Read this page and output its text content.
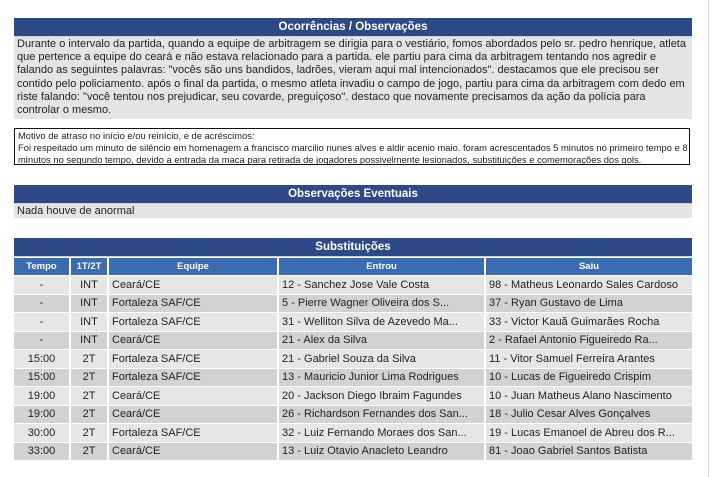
Ocorrências / Observações
Durante o intervalo da partida, quando a equipe de arbitragem se dirigia para o vestiário, fomos abordados pelo sr. pedro henrique, atleta que pertence a equipe do ceará e não estava relacionado para a partida. ele partiu para cima da arbitragem tentando nos agredir e falando as seguintes palavras: "vocês são uns bandidos, ladrões, vieram aqui mal intencionados". destacamos que ele precisou ser contido pelo policiamento. após o final da partida, o mesmo atleta invadiu o campo de jogo, partiu para cima da arbitragem com dedo em riste falando: "você tentou nos prejudicar, seu covarde, preguiçoso". destaco que novamente precisamos da ação da polícia para controlar o mesmo.
Motivo de atraso no início e/ou reinício, e de acréscimos:
Foi respeitado um minuto de silêncio em homenagem a francisco marcilio nunes alves e aldir acenio maio. foram acrescentados 5 minutos no primeiro tempo e 8 minutos no segundo tempo, devido a entrada da maca para retirada de jogadores possivelmente lesionados, substituições e comemorações dos gols.
Observações Eventuais
Nada houve de anormal
Substituições
Tempo	1T/2T	Equipe	Entrou	Saiu
-	INT	Ceará/CE	12 - Sanchez Jose Vale Costa	98 - Matheus Leonardo Sales Cardoso
-	INT	Fortaleza SAF/CE	5 - Pierre Wagner Oliveira dos S...	37 - Ryan Gustavo de Lima
-	INT	Fortaleza SAF/CE	31 - Welliton Silva de Azevedo Ma...	33 - Victor Kauã Guimarães Rocha
-	INT	Ceará/CE	21 - Alex da Silva	2 - Rafael Antonio Figueiredo Ra...
15:00	2T	Fortaleza SAF/CE	21 - Gabriel Souza da Silva	11 - Vitor Samuel Ferreira Arantes
15:00	2T	Fortaleza SAF/CE	13 - Mauricio Junior Lima Rodrigues	10 - Lucas de Figueiredo Crispim
19:00	2T	Ceará/CE	20 - Jackson Diego Ibraim Fagundes	10 - Juan Matheus Alano Nascimento
19:00	2T	Ceará/CE	26 - Richardson Fernandes dos San...	18 - Julio Cesar Alves Gonçalves
30:00	2T	Fortaleza SAF/CE	32 - Luiz Fernando Moraes dos San...	19 - Lucas Emanoel de Abreu dos R...
33:00	2T	Ceará/CE	13 - Luiz Otavio Anacleto Leandro	81 - Joao Gabriel Santos Batista
